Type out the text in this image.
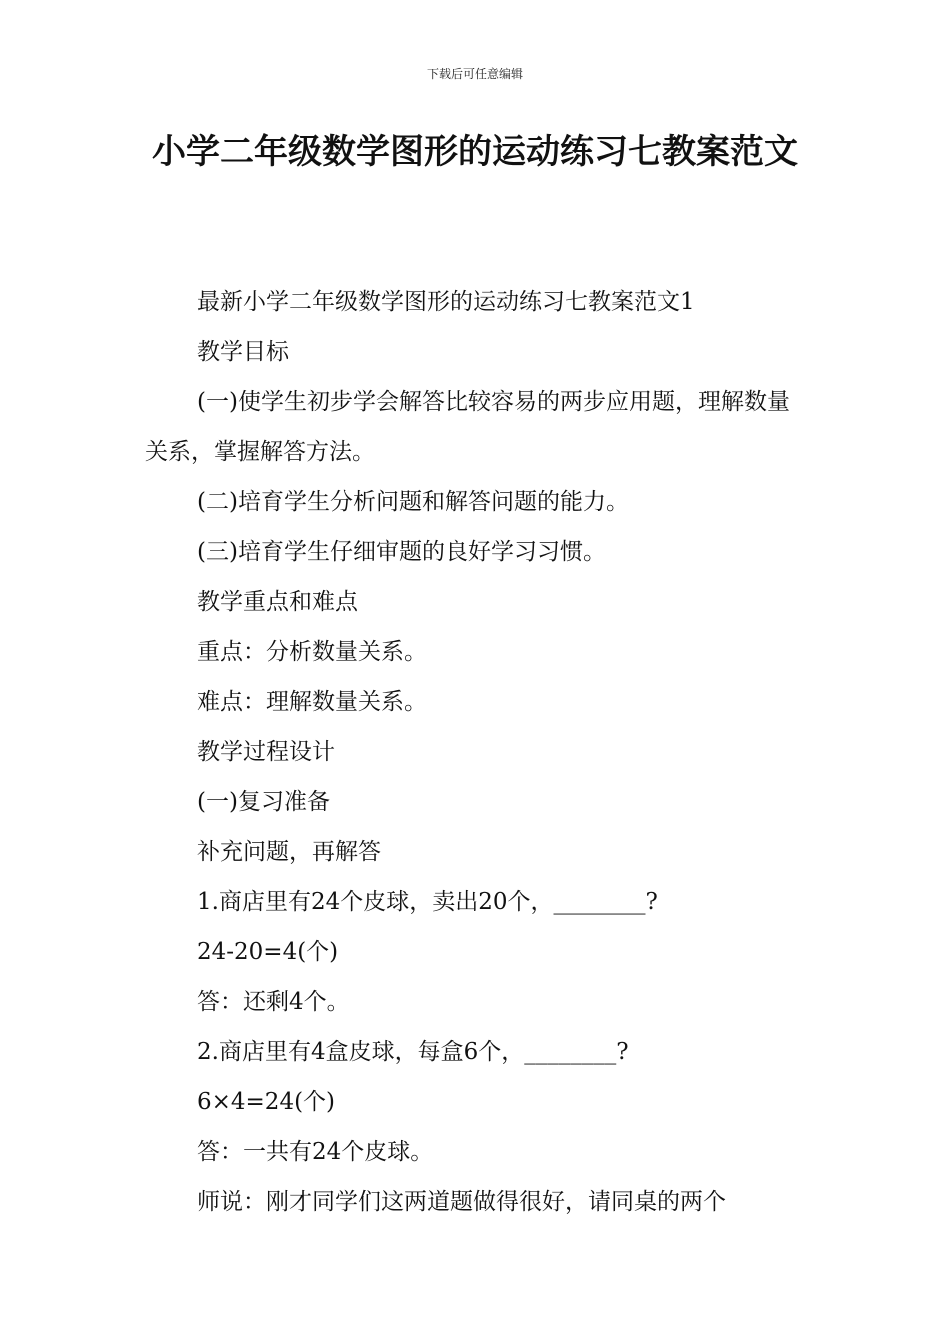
下载后可任意编辑
小学二年级数学图形的运动练习七教案范文

最新小学二年级数学图形的运动练习七教案范文1

教学目标

(一)使学生初步学会解答比较容易的两步应用题，理解数量关系，掌握解答方法。

(二)培育学生分析问题和解答问题的能力。

(三)培育学生仔细审题的良好学习习惯。

教学重点和难点

重点：分析数量关系。

难点：理解数量关系。

教学过程设计

(一)复习准备

补充问题，再解答

1.商店里有24个皮球，卖出20个，________?

24-20=4(个)

答：还剩4个。

2.商店里有4盒皮球，每盒6个，________?

6×4=24(个)

答：一共有24个皮球。

师说：刚才同学们这两道题做得很好，请同桌的两个
